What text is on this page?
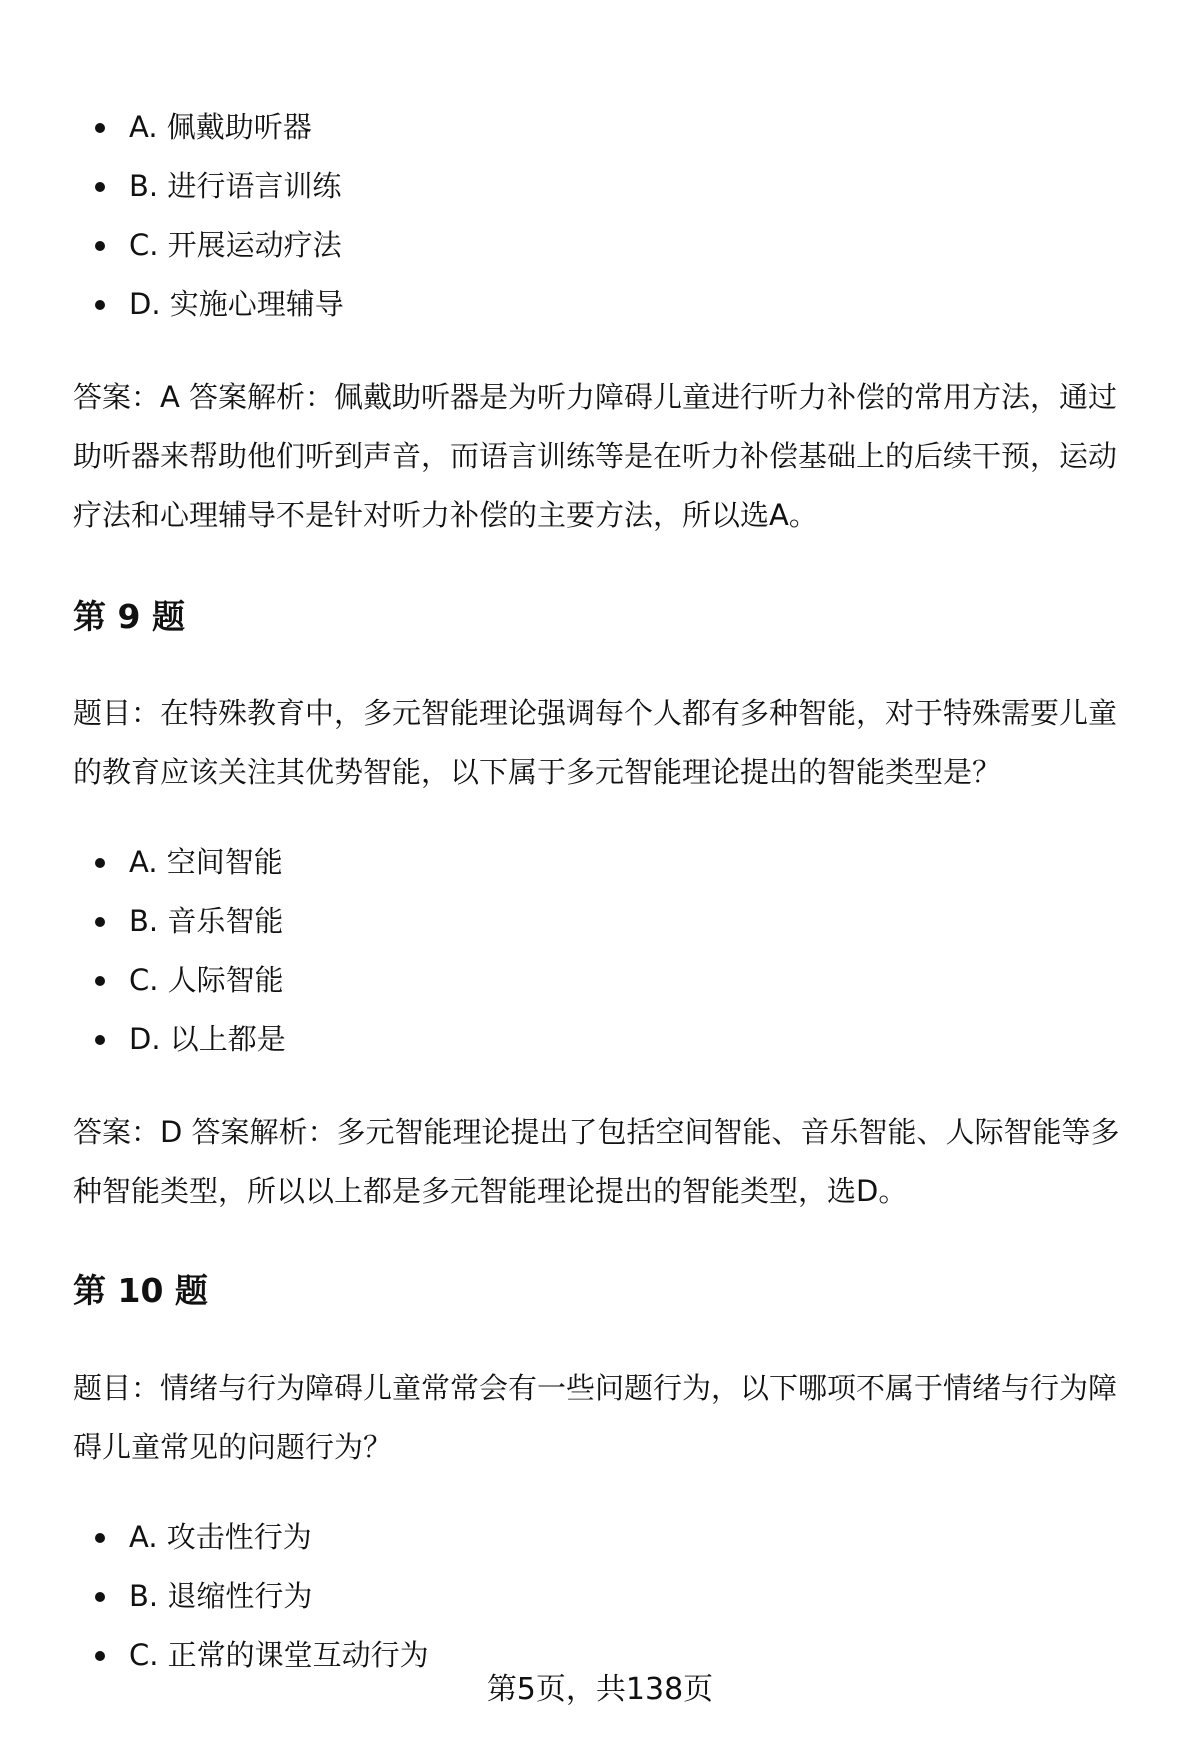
A. 佩戴助听器
B. 进行语言训练
C. 开展运动疗法
D. 实施心理辅导

答案：A 答案解析：佩戴助听器是为听力障碍儿童进行听力补偿的常用方法，通过助听器来帮助他们听到声音，而语言训练等是在听力补偿基础上的后续干预，运动疗法和心理辅导不是针对听力补偿的主要方法，所以选A。

第 9 题

题目：在特殊教育中，多元智能理论强调每个人都有多种智能，对于特殊需要儿童的教育应该关注其优势智能，以下属于多元智能理论提出的智能类型是？

A. 空间智能
B. 音乐智能
C. 人际智能
D. 以上都是

答案：D 答案解析：多元智能理论提出了包括空间智能、音乐智能、人际智能等多种智能类型，所以以上都是多元智能理论提出的智能类型，选D。

第 10 题

题目：情绪与行为障碍儿童常常会有一些问题行为，以下哪项不属于情绪与行为障碍儿童常见的问题行为？

A. 攻击性行为
B. 退缩性行为
C. 正常的课堂互动行为
第5页，共138页
